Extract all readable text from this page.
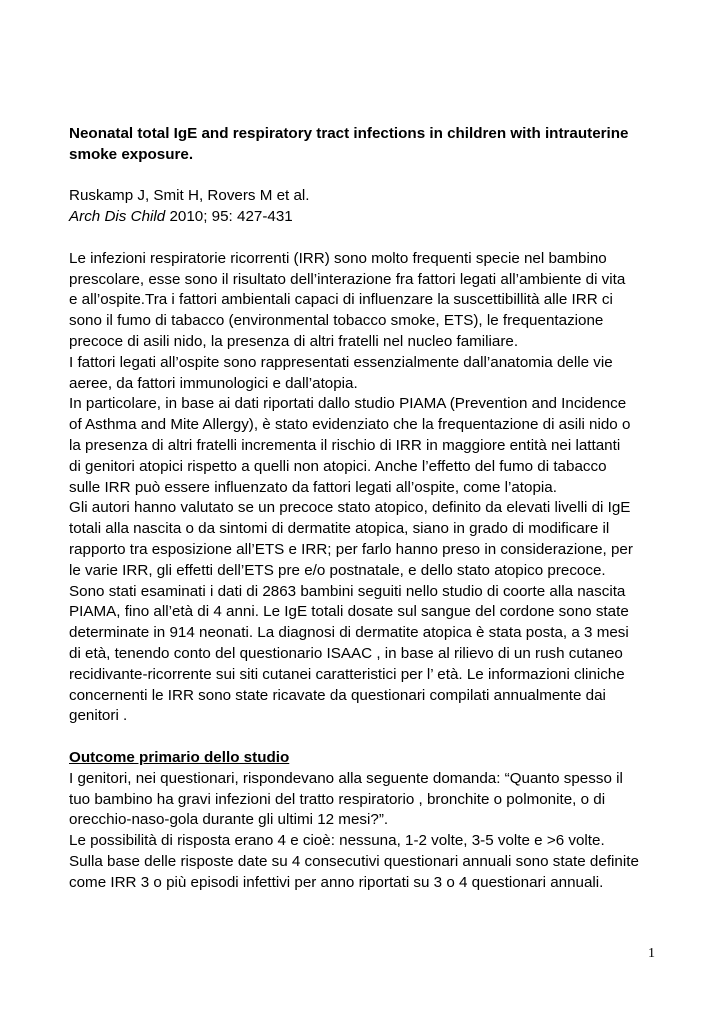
Neonatal total IgE and respiratory tract infections in children with intrauterine

smoke exposure.

Ruskamp J, Smit H, Rovers M et al.

Arch Dis Child 2010; 95: 427-431

Le infezioni respiratorie ricorrenti (IRR) sono molto frequenti specie nel bambino

prescolare, esse sono il risultato dell’interazione fra fattori legati all’ambiente di vita

e all’ospite.Tra i fattori ambientali capaci di influenzare la suscettibillità alle IRR ci

sono il fumo di tabacco (environmental tobacco smoke, ETS), le frequentazione

precoce di asili nido, la presenza di altri fratelli nel nucleo familiare.

I fattori legati all’ospite sono rappresentati essenzialmente dall’anatomia delle vie

aeree, da fattori immunologici e dall’atopia.

In particolare, in base ai dati riportati dallo studio PIAMA (Prevention and Incidence

of Asthma and Mite Allergy), è stato evidenziato che la frequentazione di asili nido o

la presenza di altri fratelli incrementa il rischio di IRR in maggiore entità nei lattanti

di genitori atopici rispetto a quelli non atopici. Anche l’effetto del fumo di tabacco

sulle IRR può essere influenzato da fattori legati all’ospite, come l’atopia.

Gli autori hanno valutato se un precoce stato atopico, definito da elevati livelli di IgE

totali alla nascita o da sintomi di dermatite atopica, siano in grado di modificare il

rapporto tra esposizione all’ETS e IRR; per farlo hanno preso in considerazione, per

le varie IRR, gli effetti dell’ETS pre e/o postnatale, e dello stato atopico precoce.

Sono stati esaminati i dati di 2863 bambini seguiti nello studio di coorte alla nascita

PIAMA, fino all’età di 4 anni. Le IgE totali dosate sul sangue del cordone sono state

determinate in 914 neonati. La diagnosi di dermatite atopica è stata posta, a 3 mesi

di età, tenendo conto del questionario ISAAC , in base al rilievo di un rush cutaneo

recidivante-ricorrente sui siti cutanei caratteristici per l’ età. Le informazioni cliniche

concernenti le IRR sono state ricavate da questionari compilati annualmente dai

genitori .

Outcome primario dello studio

I genitori, nei questionari, rispondevano alla seguente domanda: “Quanto spesso il

tuo bambino ha gravi infezioni del tratto respiratorio , bronchite o polmonite, o di

orecchio-naso-gola durante gli ultimi 12 mesi?”.

Le possibilità di risposta erano 4 e cioè: nessuna, 1-2 volte, 3-5 volte e >6 volte.

Sulla base delle risposte date su 4 consecutivi questionari annuali sono state definite

come IRR 3 o più episodi infettivi per anno riportati su 3 o 4 questionari annuali.

1
